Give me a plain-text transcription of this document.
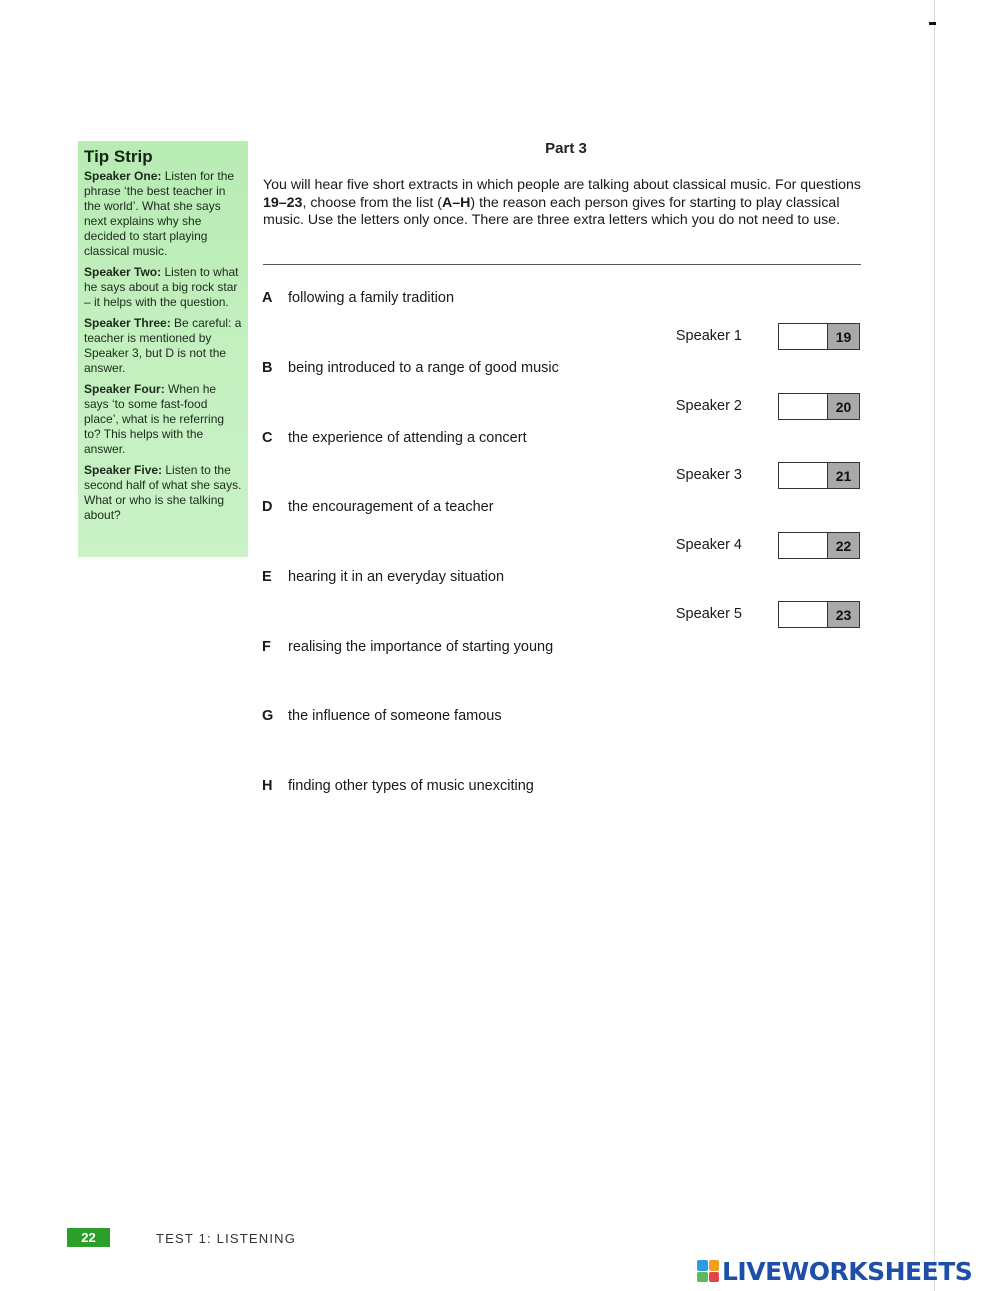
Tip Strip

Speaker One: Listen for the phrase ‘the best teacher in the world’. What she says next explains why she decided to start playing classical music.

Speaker Two: Listen to what he says about a big rock star – it helps with the question.

Speaker Three: Be careful: a teacher is mentioned by Speaker 3, but D is not the answer.

Speaker Four: When he says ‘to some fast-food place’, what is he referring to? This helps with the answer.

Speaker Five: Listen to the second half of what she says. What or who is she talking about?

Part 3
You will hear five short extracts in which people are talking about classical music. For questions 19–23, choose from the list (A–H) the reason each person gives for starting to play classical music. Use the letters only once. There are three extra letters which you do not need to use.
A following a family tradition
B being introduced to a range of good music
C the experience of attending a concert
D the encouragement of a teacher
E hearing it in an everyday situation
F realising the importance of starting young
G the influence of someone famous
H finding other types of music unexciting
Speaker 1	19
Speaker 2	20
Speaker 3	21
Speaker 4	22
Speaker 5	23
22	TEST 1: LISTENING
LIVEWORKSHEETS
